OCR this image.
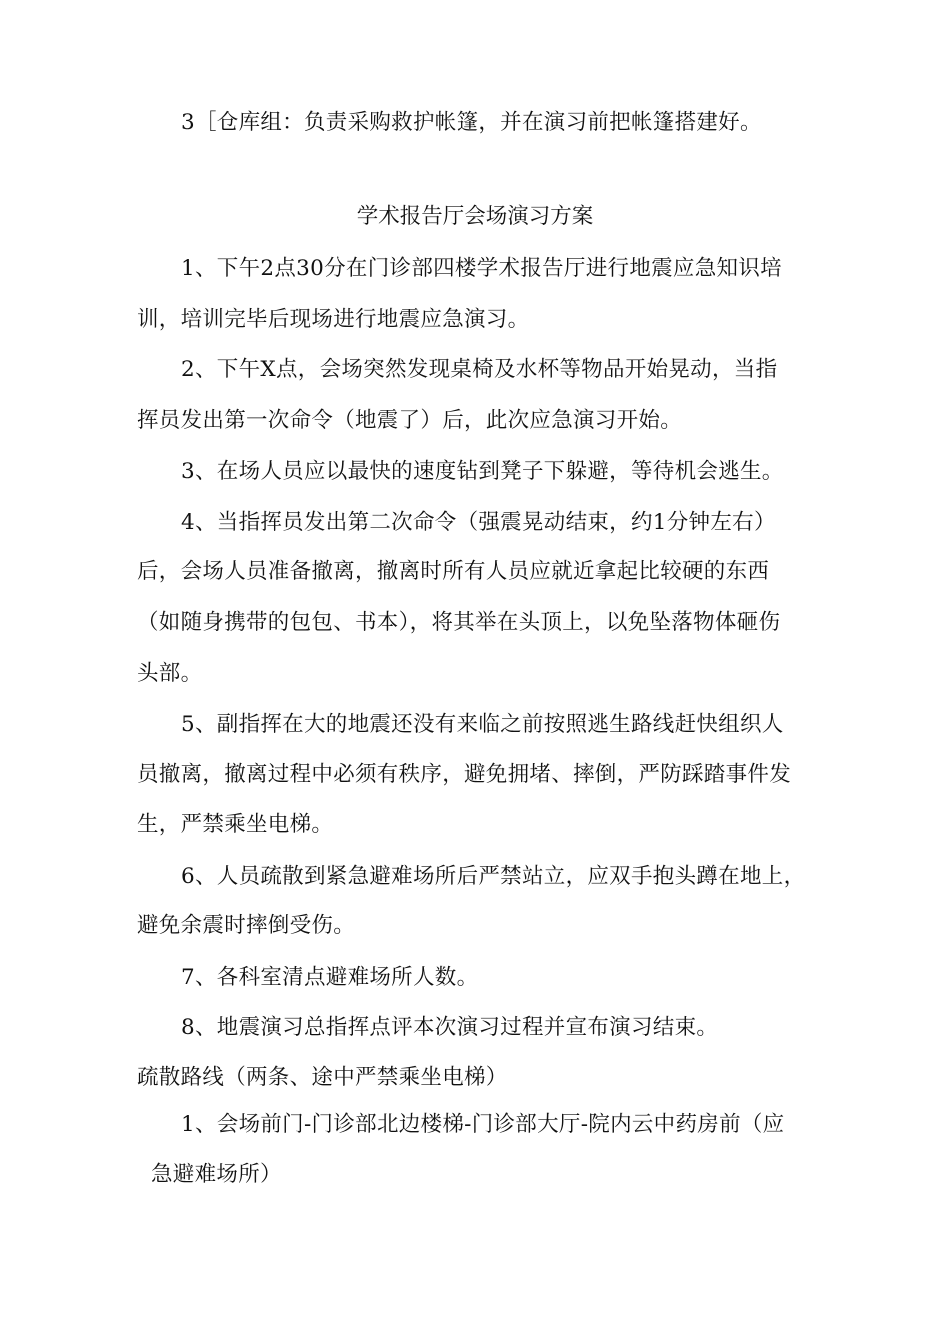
3［仓库组：负责采购救护帐篷，并在演习前把帐篷搭建好。
学术报告厅会场演习方案
1、下午2点30分在门诊部四楼学术报告厅进行地震应急知识培
训，培训完毕后现场进行地震应急演习。
2、下午X点，会场突然发现桌椅及水杯等物品开始晃动，当指
挥员发出第一次命令（地震了）后，此次应急演习开始。
3、在场人员应以最快的速度钻到凳子下躲避，等待机会逃生。
4、当指挥员发出第二次命令（强震晃动结束，约1分钟左右）
后，会场人员准备撤离，撤离时所有人员应就近拿起比较硬的东西
（如随身携带的包包、书本），将其举在头顶上，以免坠落物体砸伤
头部。
5、副指挥在大的地震还没有来临之前按照逃生路线赶快组织人
员撤离，撤离过程中必须有秩序，避免拥堵、摔倒，严防踩踏事件发
生，严禁乘坐电梯。
6、人员疏散到紧急避难场所后严禁站立，应双手抱头蹲在地上，
避免余震时摔倒受伤。
7、各科室清点避难场所人数。
8、地震演习总指挥点评本次演习过程并宣布演习结束。
疏散路线（两条、途中严禁乘坐电梯）
1、会场前门-门诊部北边楼梯-门诊部大厅-院内云中药房前（应
急避难场所）
